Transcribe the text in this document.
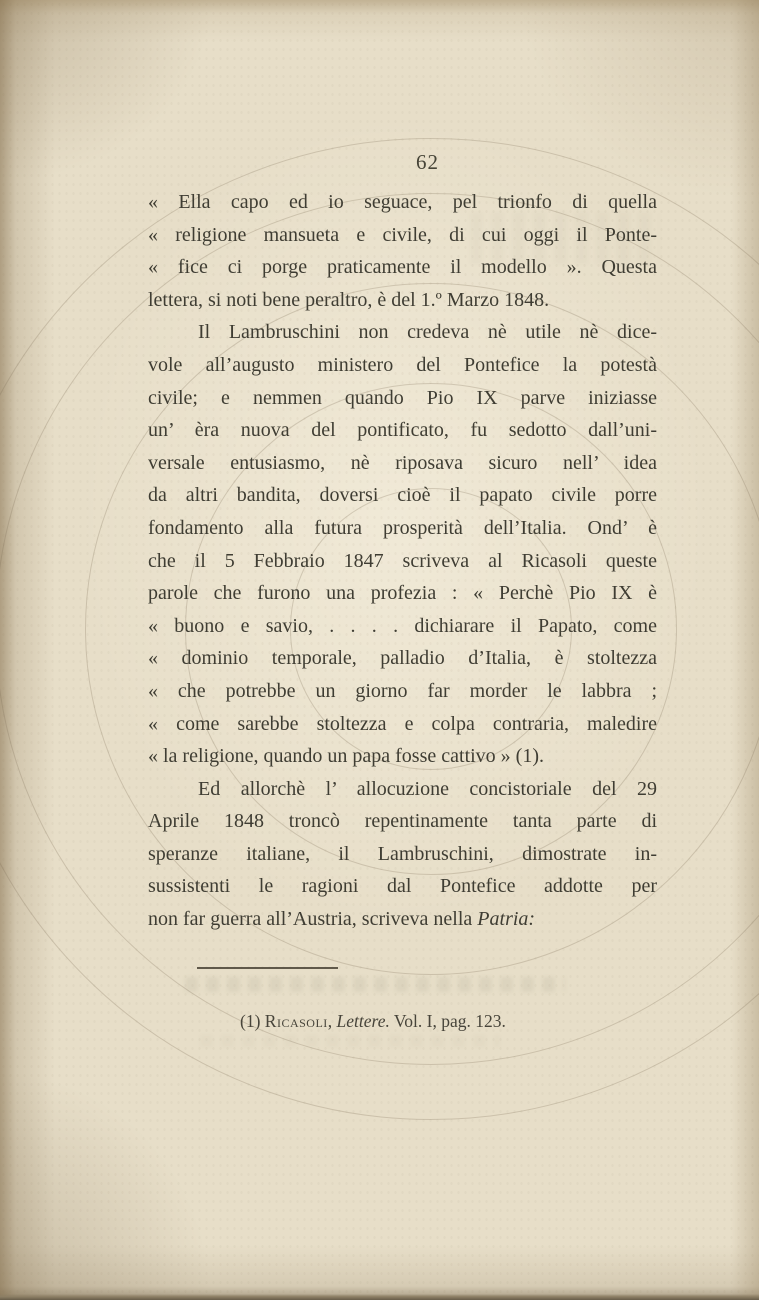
62
« Ella capo ed io seguace, pel trionfo di quella
« religione mansueta e civile, di cui oggi il Ponte-
« fice ci porge praticamente il modello ». Questa
lettera, si noti bene peraltro, è del 1.º Marzo 1848.
Il Lambruschini non credeva nè utile nè dice-
vole all’augusto ministero del Pontefice la potestà
civile; e nemmen quando Pio IX parve iniziasse
un’ èra nuova del pontificato, fu sedotto dall’uni-
versale entusiasmo, nè riposava sicuro nell’ idea
da altri bandita, doversi cioè il papato civile porre
fondamento alla futura prosperità dell’Italia. Ond’ è
che il 5 Febbraio 1847 scriveva al Ricasoli queste
parole che furono una profezia : « Perchè Pio IX è
« buono e savio, . . . . dichiarare il Papato, come
« dominio temporale, palladio d’Italia, è stoltezza
« che potrebbe un giorno far morder le labbra ;
« come sarebbe stoltezza e colpa contraria, maledire
« la religione, quando un papa fosse cattivo » (1).
Ed allorchè l’ allocuzione concistoriale del 29
Aprile 1848 troncò repentinamente tanta parte di
speranze italiane, il Lambruschini, dimostrate in-
sussistenti le ragioni dal Pontefice addotte per
non far guerra all’Austria, scriveva nella Patria:
(1) Ricasoli, Lettere. Vol. I, pag. 123.
